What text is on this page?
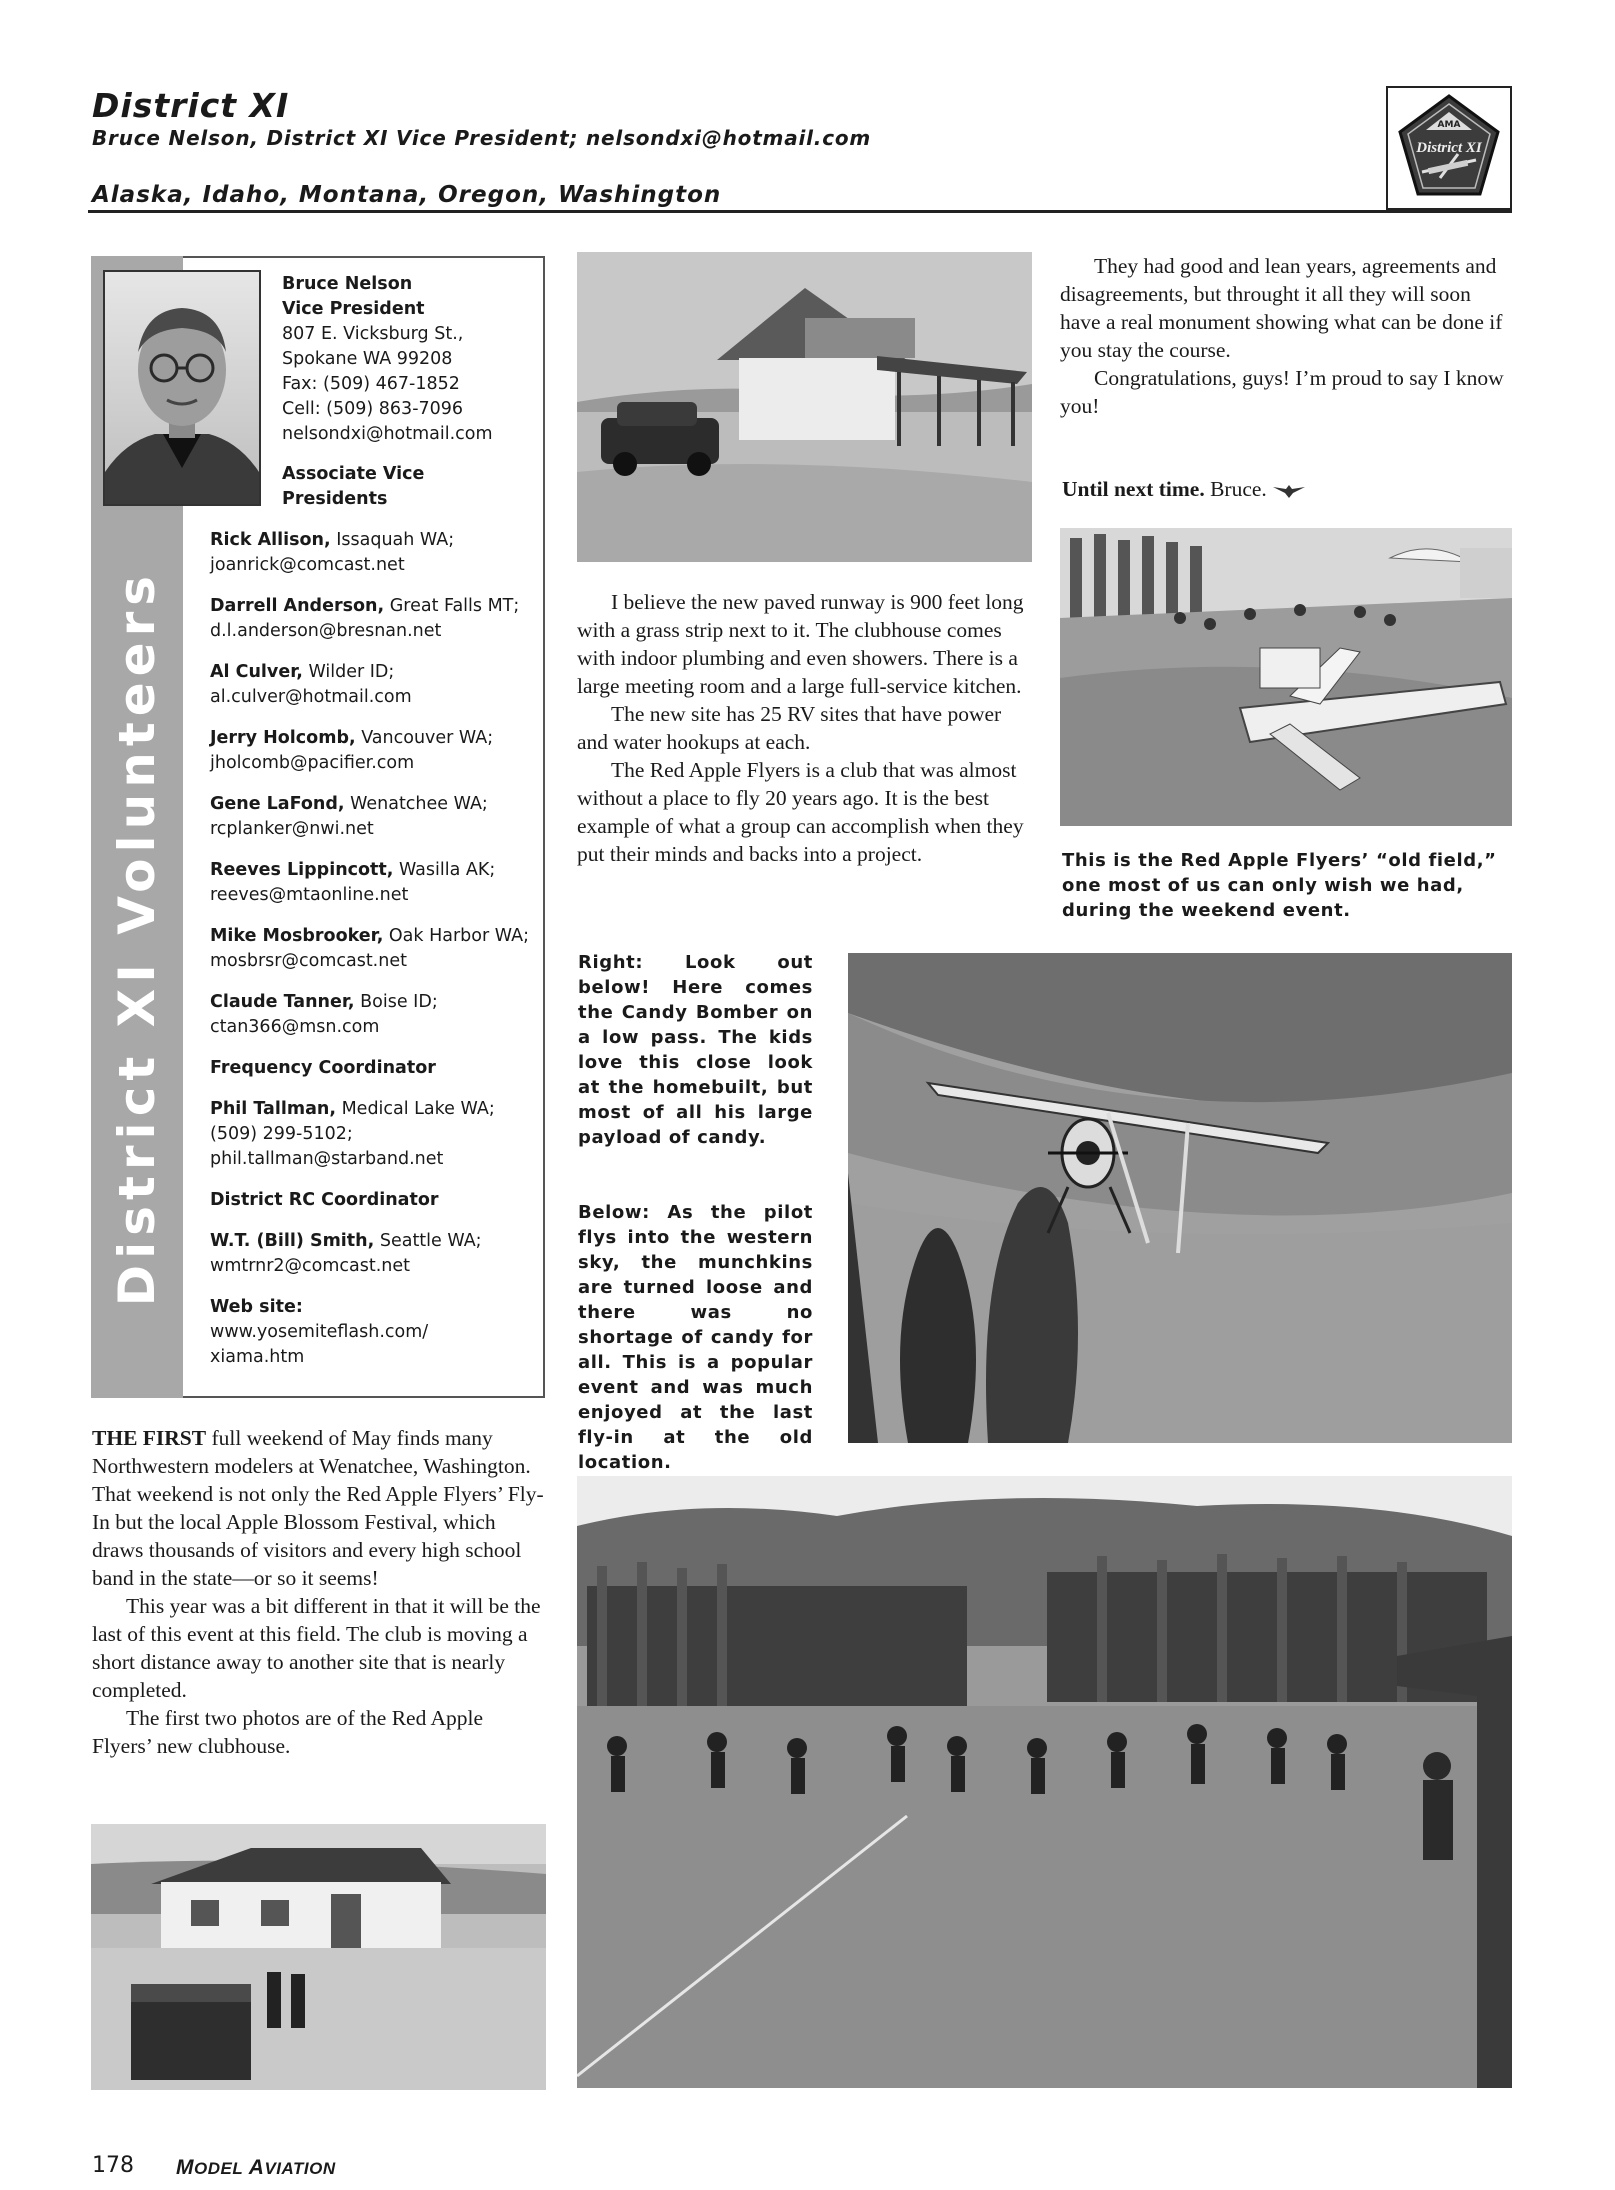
District XI
Bruce Nelson, District XI Vice President; nelsondxi@hotmail.com
Alaska, Idaho, Montana, Oregon, Washington
AMA
District XI
District XI Volunteers
Bruce Nelson
Vice President
807 E. Vicksburg St.,
Spokane WA 99208
Fax: (509) 467-1852
Cell: (509) 863-7096
nelsondxi@hotmail.com
Associate Vice
Presidents
Rick Allison, Issaquah WA;
joanrick@comcast.net
Darrell Anderson, Great Falls MT; d.l.anderson@bresnan.net
Al Culver, Wilder ID;
al.culver@hotmail.com
Jerry Holcomb, Vancouver WA;
jholcomb@pacifier.com
Gene LaFond, Wenatchee WA;
rcplanker@nwi.net
Reeves Lippincott, Wasilla AK;
reeves@mtaonline.net
Mike Mosbrooker, Oak Harbor WA; mosbrsr@comcast.net
Claude Tanner, Boise ID;
ctan366@msn.com
Frequency Coordinator
Phil Tallman, Medical Lake WA;
(509) 299-5102;
phil.tallman@starband.net
District RC Coordinator
W.T. (Bill) Smith, Seattle WA;
wmtrnr2@comcast.net
Web site:
www.yosemiteflash.com/
xiama.htm

THE FIRST full weekend of May finds many Northwestern modelers at Wenatchee, Washington. That weekend is not only the Red Apple Flyers’ Fly-In but the local Apple Blossom Festival, which draws thousands of visitors and every high school band in the state—or so it seems!

This year was a bit different in that it will be the last of this event at this field. The club is moving a short distance away to another site that is nearly completed.

The first two photos are of the Red Apple Flyers’ new clubhouse.

I believe the new paved runway is 900 feet long with a grass strip next to it. The clubhouse comes with indoor plumbing and even showers. There is a large meeting room and a large full-service kitchen.

The new site has 25 RV sites that have power and water hookups at each.

The Red Apple Flyers is a club that was almost without a place to fly 20 years ago. It is the best example of what a group can accomplish when they put their minds and backs into a project.

They had good and lean years, agreements and disagreements, but throught it all they will soon have a real monument showing what can be done if you stay the course.

Congratulations, guys! I’m proud to say I know you!

Until next time. Bruce.
This is the Red Apple Flyers’ “old field,” one most of us can only wish we had, during the weekend event.
Right: Look out below! Here comes the Candy Bomber on a low pass. The kids love this close look at the homebuilt, but most of all his large payload of candy.
Below: As the pilot flys into the western sky, the munchkins are turned loose and there was no shortage of candy for all. This is a popular event and was much enjoyed at the last fly-in at the old location.
178 MODEL AVIATION
